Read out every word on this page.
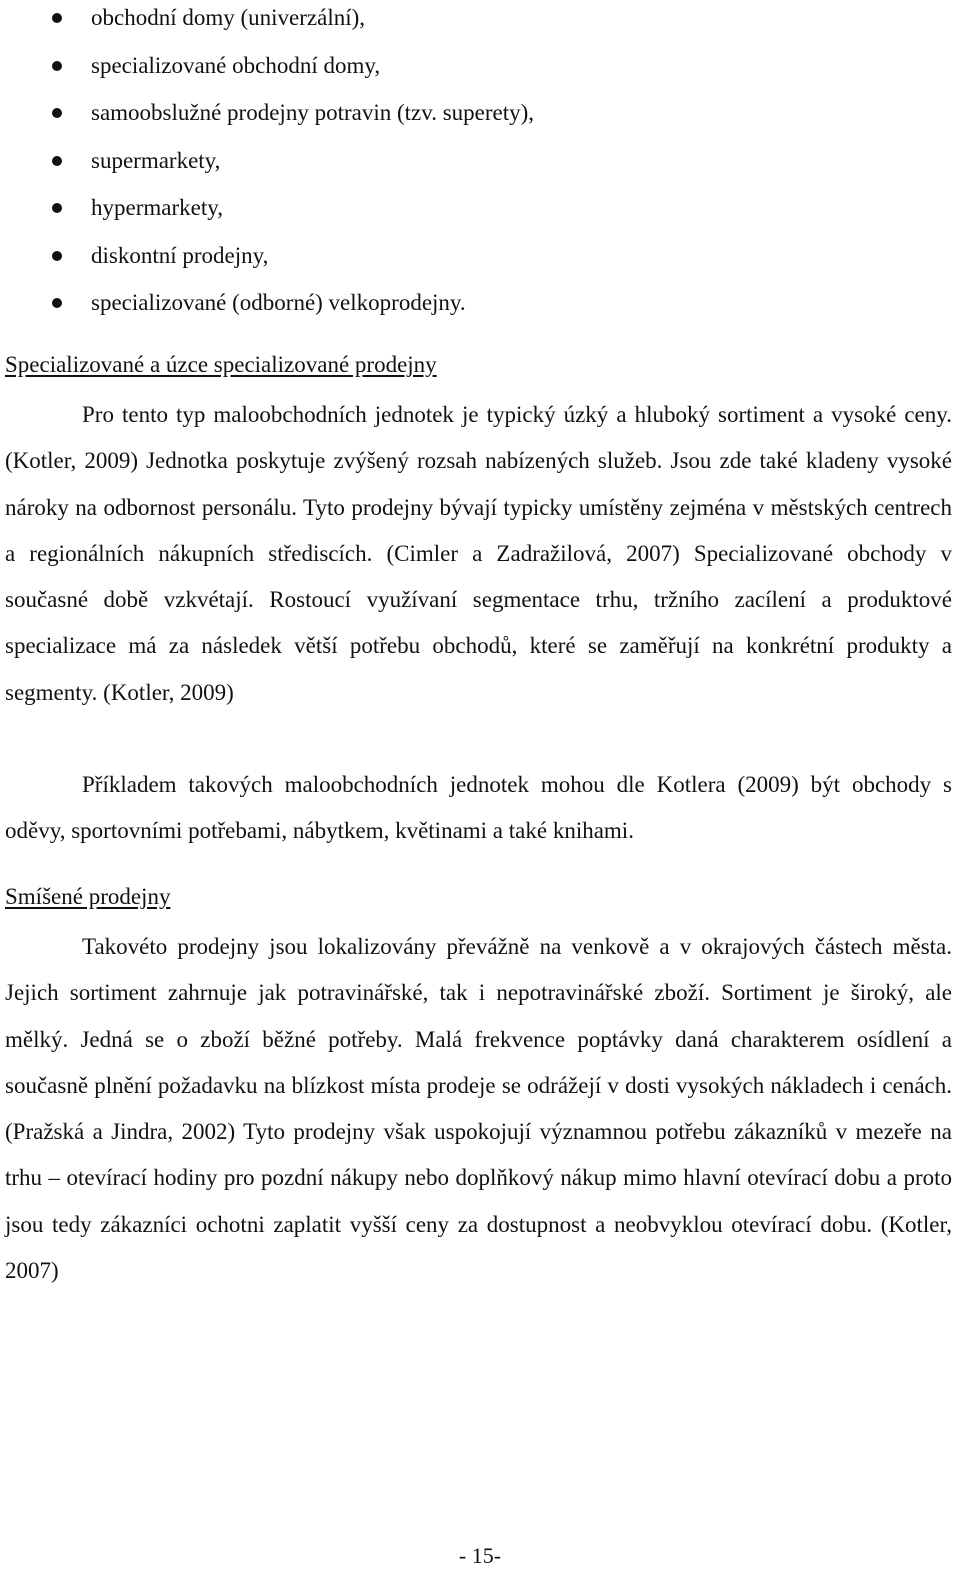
obchodní domy (univerzální),
specializované obchodní domy,
samoobslužné prodejny potravin (tzv. superety),
supermarkety,
hypermarkety,
diskontní prodejny,
specializované (odborné) velkoprodejny.
Specializované a úzce specializované prodejny

Pro tento typ maloobchodních jednotek je typický úzký a hluboký sortiment a vysoké ceny. (Kotler, 2009) Jednotka poskytuje zvýšený rozsah nabízených služeb. Jsou zde také kladeny vysoké nároky na odbornost personálu. Tyto prodejny bývají typicky umístěny zejména v městských centrech a regionálních nákupních střediscích. (Cimler a Zadražilová, 2007) Specializované obchody v současné době vzkvétají. Rostoucí využívaní segmentace trhu, tržního zacílení a produktové specializace má za následek větší potřebu obchodů, které se zaměřují na konkrétní produkty a segmenty. (Kotler, 2009)

Příkladem takových maloobchodních jednotek mohou dle Kotlera (2009) být obchody s oděvy, sportovními potřebami, nábytkem, květinami a také knihami.

Smíšené prodejny

Takovéto prodejny jsou lokalizovány převážně na venkově a v okrajových částech města. Jejich sortiment zahrnuje jak potravinářské, tak i nepotravinářské zboží. Sortiment je široký, ale mělký. Jedná se o zboží běžné potřeby. Malá frekvence poptávky daná charakterem osídlení a současně plnění požadavku na blízkost místa prodeje se odrážejí v dosti vysokých nákladech i cenách. (Pražská a Jindra, 2002) Tyto prodejny však uspokojují významnou potřebu zákazníků v mezeře na trhu – otevírací hodiny pro pozdní nákupy nebo doplňkový nákup mimo hlavní otevírací dobu a proto jsou tedy zákazníci ochotni zaplatit vyšší ceny za dostupnost a neobvyklou otevírací dobu. (Kotler, 2007)

- 15-
